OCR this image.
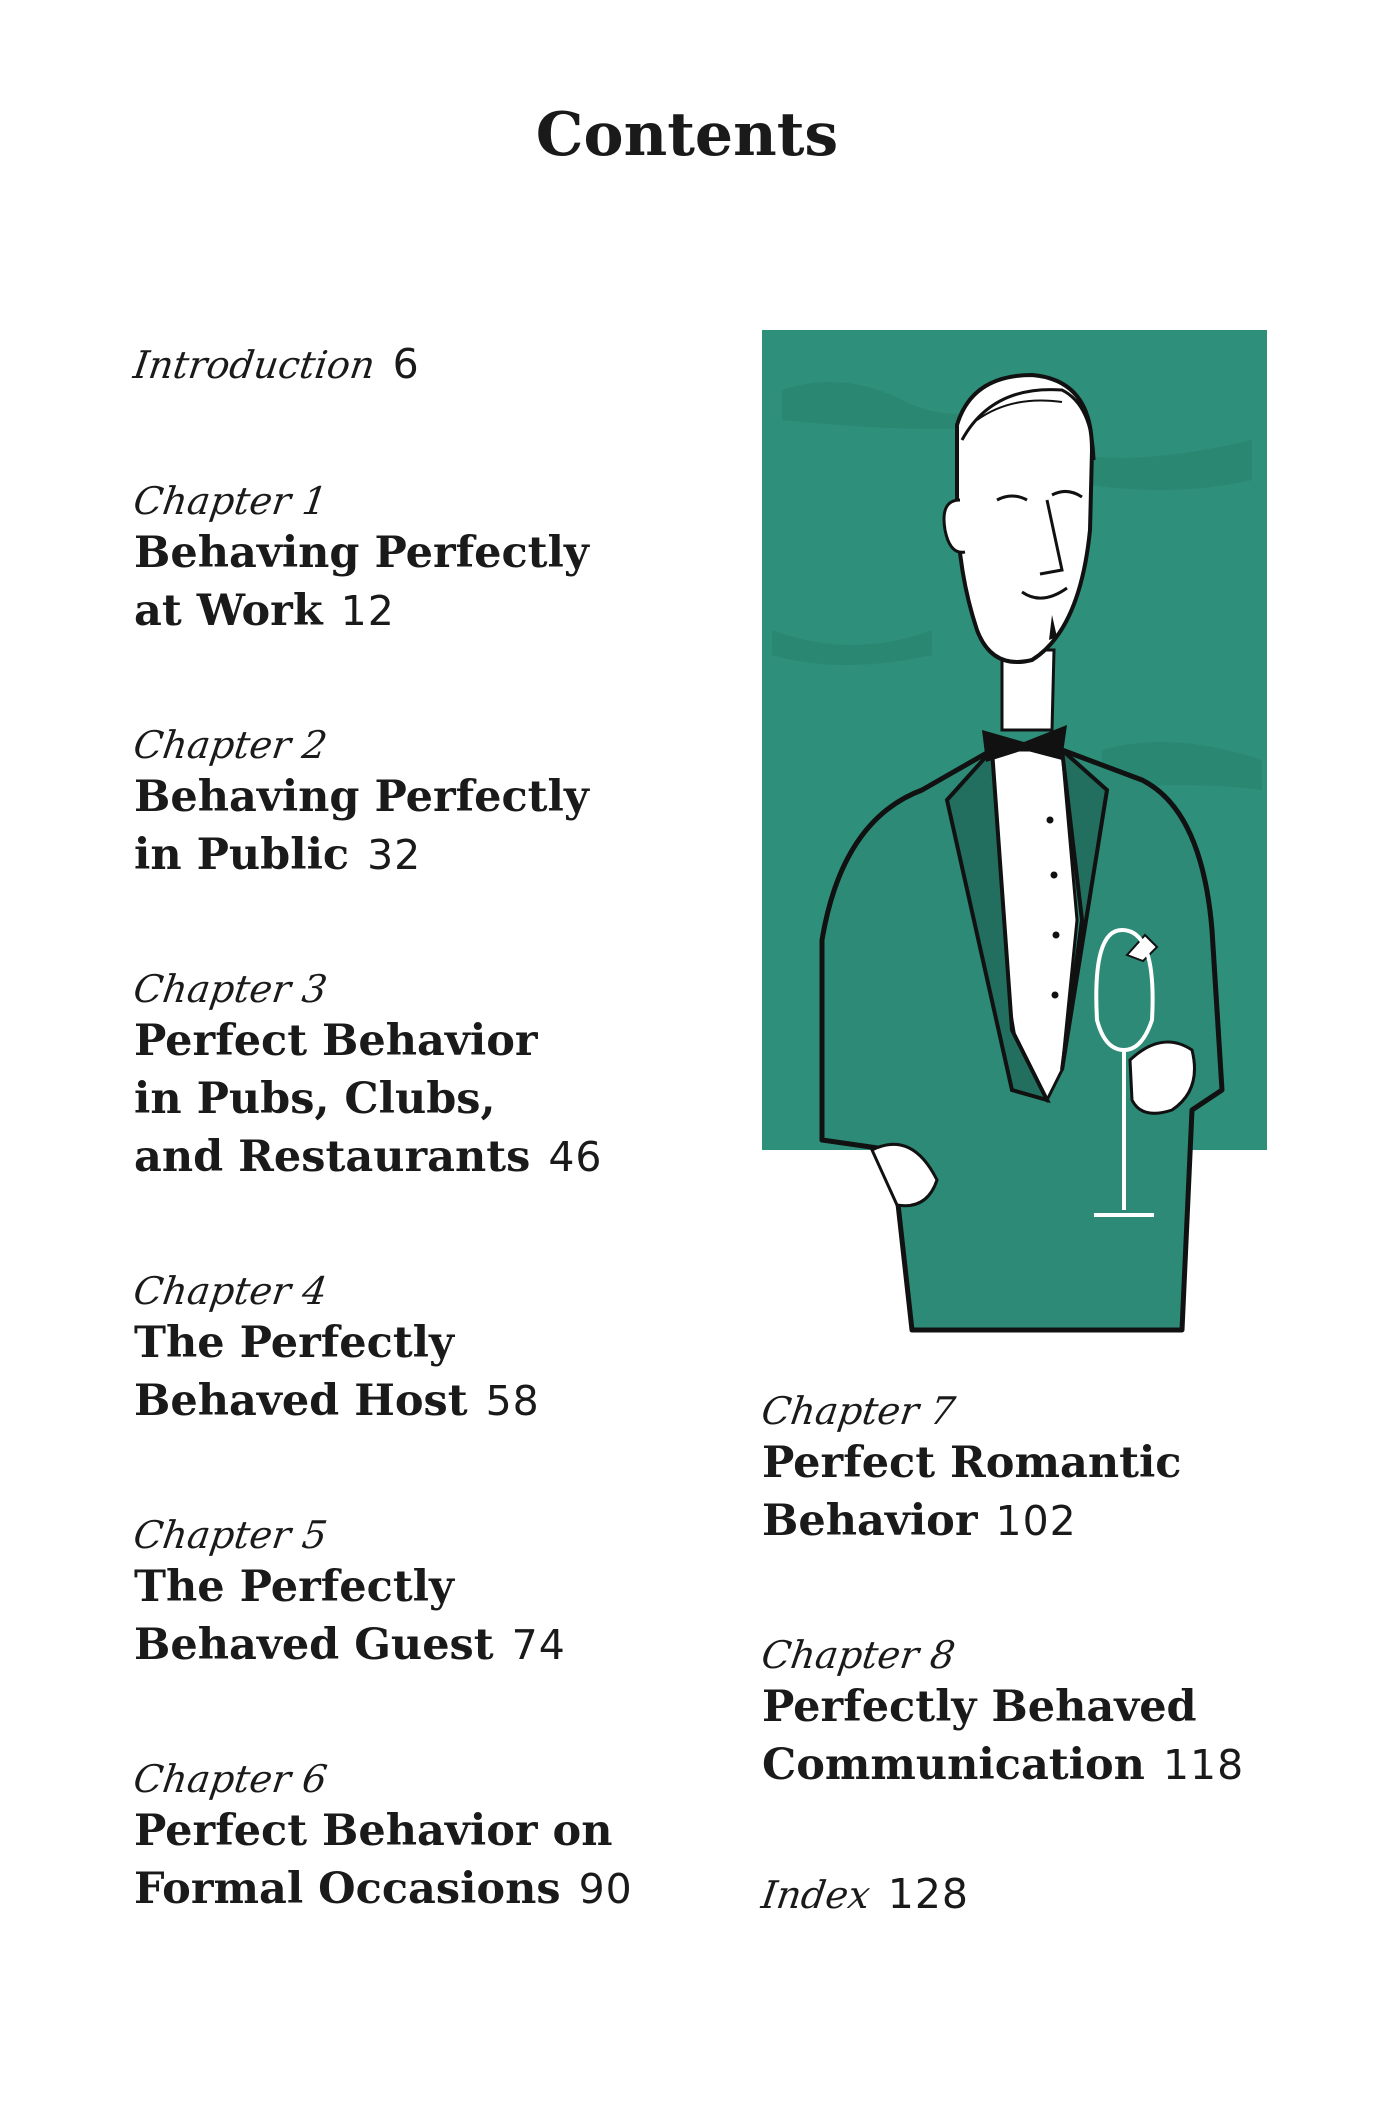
Contents
Introduction 6
Chapter 1
Behaving Perfectly
at Work 12
Chapter 2
Behaving Perfectly
in Public 32
Chapter 3
Perfect Behavior
in Pubs, Clubs,
and Restaurants 46
Chapter 4
The Perfectly
Behaved Host 58
Chapter 5
The Perfectly
Behaved Guest 74
Chapter 6
Perfect Behavior on
Formal Occasions 90
Chapter 7
Perfect Romantic
Behavior 102
Chapter 8
Perfectly Behaved
Communication 118
Index 128
